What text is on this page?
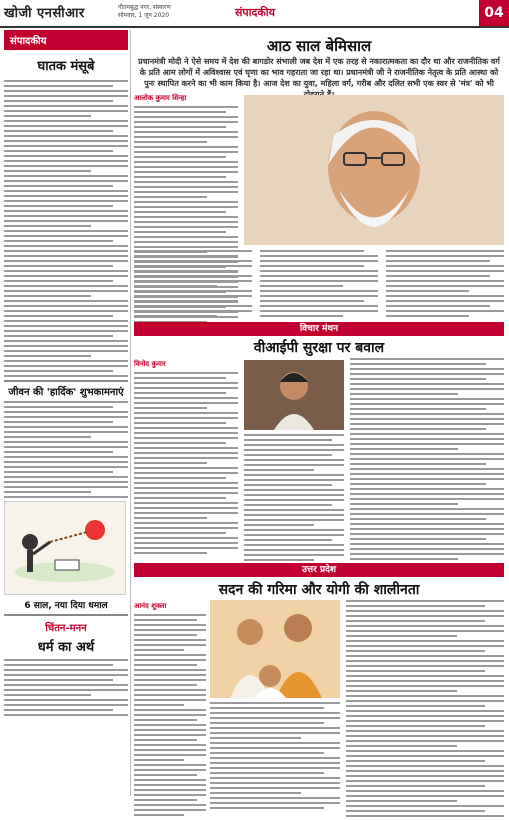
खोजी एनसीआर	गौतमबुद्ध नगर, संस्करण
सोमवार, 1 जून 2020	संपादकीय	04
संपादकीय
घातक मंसूबे
जीवन की 'हार्दिक' शुभकामनाएं
6 साल, नया दिया धमाल
चिंतन-मनन
धर्म का अर्थ
आठ साल बेमिसाल
प्रधानमंत्री मोदी ने ऐसे समय में देश की बागडोर संभाली जब देश में एक तरह से नकारात्मकता का दौर था और राजनीतिक वर्ग के प्रति आम लोगों में अविश्वास एवं घृणा का भाव गहराता जा रहा था। प्रधानमंत्री जी ने राजनीतिक नेतृत्व के प्रति आस्था को पुनः स्थापित करने का भी काम किया है। आज देश का युवा, महिला वर्ग, गरीब और दलित सभी एक स्वर से 'मंत्र' को भी
आलोक कुमार सिन्हा
विचार मंथन
वीआईपी सुरक्षा पर बवाल
विनोद कुमार
उत्तर प्रदेश
सदन की गरिमा और योगी की शालीनता
आनंद शुक्ला
